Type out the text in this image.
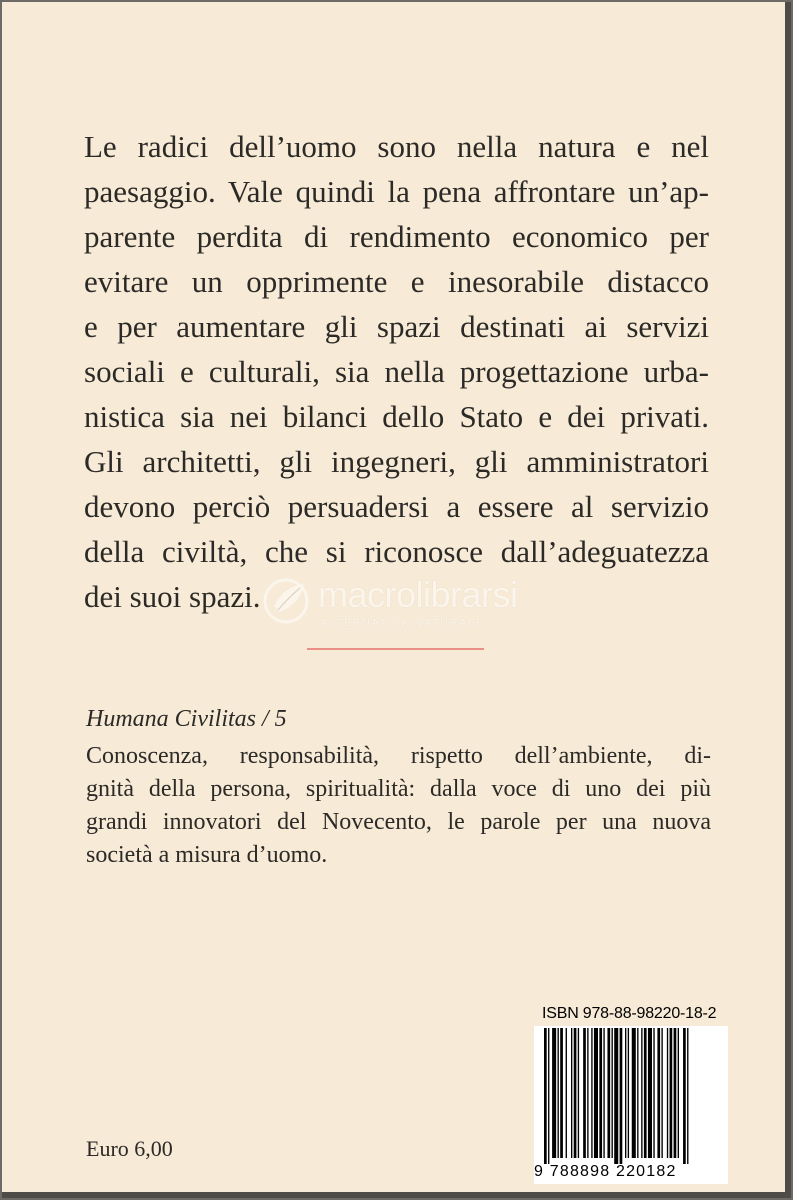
Le radici dell’uomo sono nella natura e nel
paesaggio. Vale quindi la pena affrontare un’ap-
parente perdita di rendimento economico per
evitare un opprimente e inesorabile distacco
e per aumentare gli spazi destinati ai servizi
sociali e culturali, sia nella progettazione urba-
nistica sia nei bilanci dello Stato e dei privati.
Gli architetti, gli ingegneri, gli amministratori
devono perciò persuadersi a essere al servizio
della civiltà, che si riconosce dall’adeguatezza
dei suoi spazi.	macrolibrarsi
ALTERNATIVA NATURALE
Humana Civilitas / 5
Conoscenza, responsabilità, rispetto dell’ambiente, di-
gnità della persona, spiritualità: dalla voce di uno dei più
grandi innovatori del Novecento, le parole per una nuova
società a misura d’uomo.
ISBN 978-88-98220-18-2
9 788898 220182
Euro 6,00
